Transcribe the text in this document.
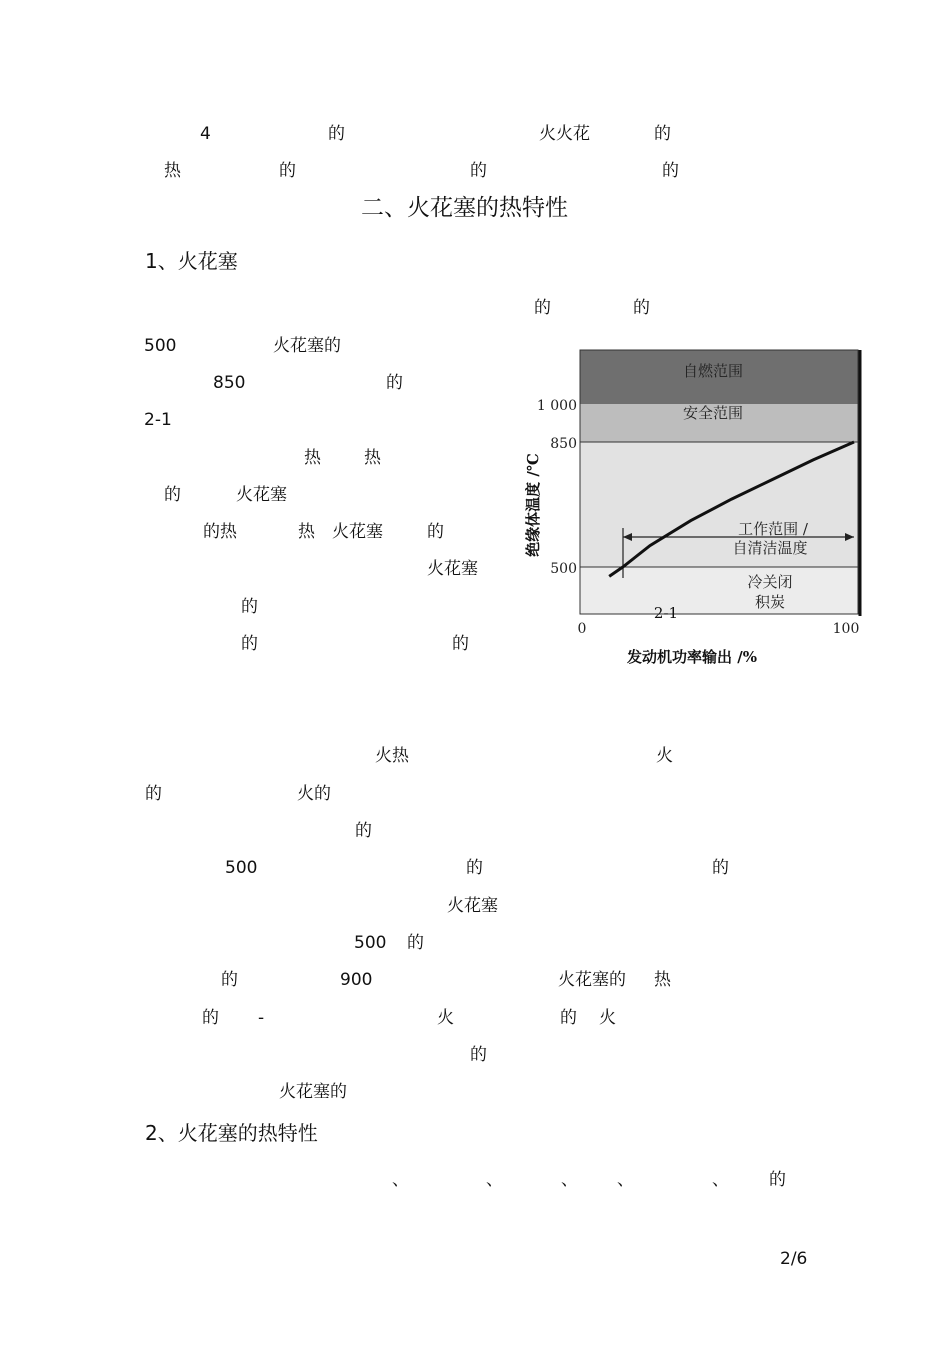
4	的	火火花	的
热	的	的	的
二、火花塞的热特性
1、火花塞
的	的
500	火花塞的
850	的
2-1
热	热
的	火花塞
的热	热 火花塞	的
火花塞
的
的	的
自燃范围
安全范围
工作范围 /
自清洁温度
冷关闭
积炭
1 000
850
500
绝缘体温度 /℃
0	100
发动机功率输出 /%
2-1
火热	火
的	火的
的
500	的	的
火花塞
500 的
的	900	火花塞的 热
的 -	火	的 火
的
火花塞的
2、火花塞的热特性
、	、	、 、	、 的
2/6
